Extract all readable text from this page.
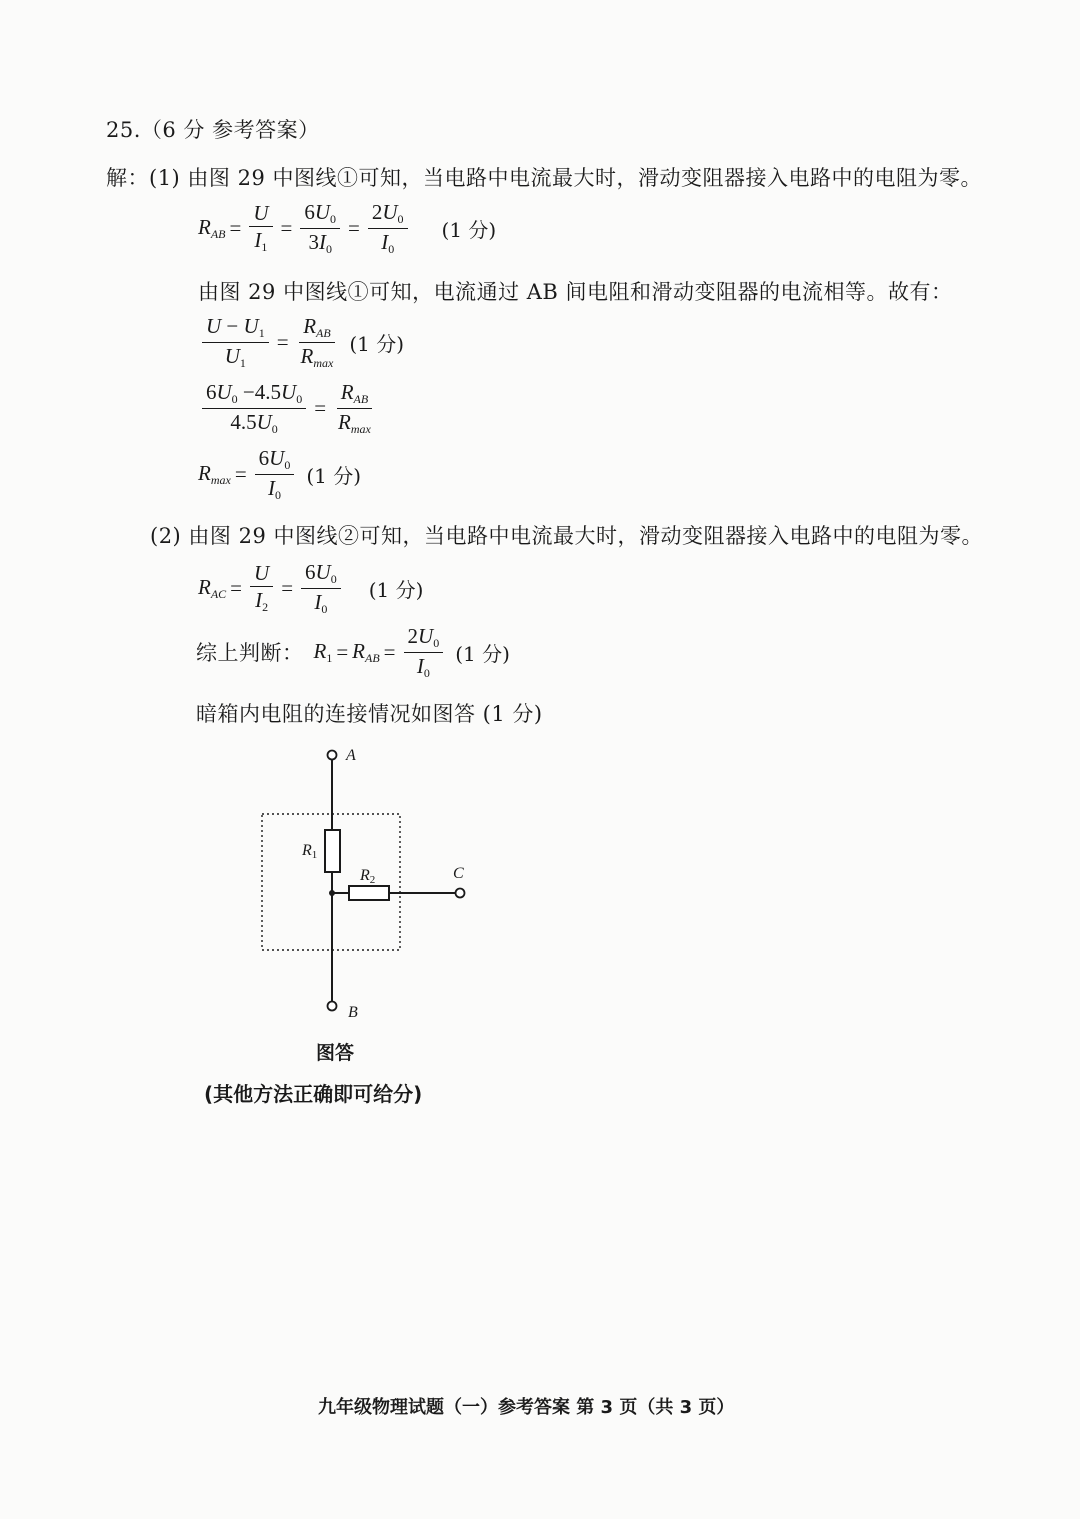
25.（6 分 参考答案）
解：(1) 由图 29 中图线①可知，当电路中电流最大时，滑动变阻器接入电路中的电阻为零。
$R_{AB} = \frac{U}{I_1} = \frac{6U_0}{3I_0} = \frac{2U_0}{I_0} (1$ 分)
由图 29 中图线①可知，电流通过 AB 间电阻和滑动变阻器的电流相等。故有：
$\frac{U - U_1}{U_1} = \frac{R_{AB}}{R_{max}} (1$ 分)
$\frac{6U_0 -4.5U_0}{4.5U_0} = \frac{R_{AB}}{R_{max}}$
$R_{max} = \frac{6U_0}{I_0} (1$ 分)
(2) 由图 29 中图线②可知，当电路中电流最大时，滑动变阻器接入电路中的电阻为零。
$R_{AC} = \frac{U}{I_2} = \frac{6U_0}{I_0} (1$ 分)
综上判断： $R_1 = R_{AB} = \frac{2U_0}{I_0} (1$ 分)
暗箱内电阻的连接情况如图答 (1 分)
A
B
C
R1
R2
图答
(其他方法正确即可给分)
九年级物理试题（一）参考答案 第 3 页（共 3 页）
